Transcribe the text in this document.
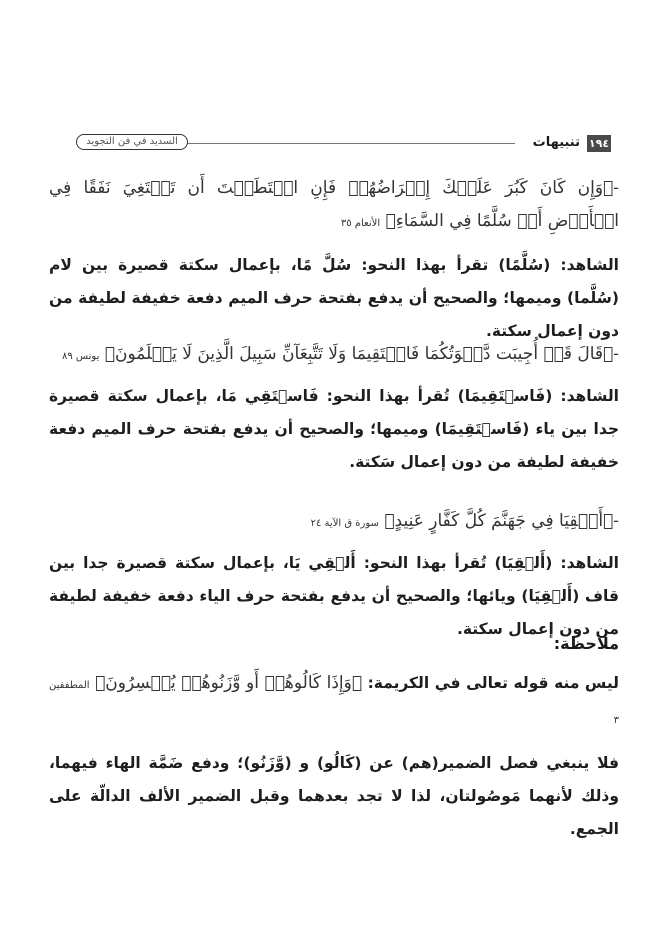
١٩٤
تنبيهات
السديد في فن التجويد
-﴿وَإِن كَانَ كَبُرَ عَلَيۡكَ إِعۡرَاضُهُمۡ فَإِنِ اسۡتَطَعۡتَ أَن تَبۡتَغِيَ نَفَقًا فِي الۡأَرۡضِ أَوۡ سُلَّمًا فِي السَّمَاءِ﴾ الأنعام ٣٥
الشاهد: (سُلَّمًا) تقرأ بهذا النحو: سُلَّ مًا، بإعمال سكتة قصيرة بين لام (سُلَّما) وميمها؛ والصحيح أن يدفع بفتحة حرف الميم دفعة خفيفة لطيفة من دون إعمال سكتة.
-﴿قَالَ قَدۡ أُجِيبَت دَّعۡوَتُكُمَا فَاسۡتَقِيمَا وَلَا تَتَّبِعَآنِّ سَبِيلَ الَّذِينَ لَا يَعۡلَمُونَ﴾ يونس ٨٩
الشاهد: (فَاسۡتَقِيمَا) تُقرأ بهذا النحو: فَاسۡتَقِي مَا، بإعمال سكتة قصيرة جدا بين ياء (فَاسۡتَقِيمَا) وميمها؛ والصحيح أن يدفع بفتحة حرف الميم دفعة خفيفة لطيفة من دون إعمال سَكتة.
-﴿أَلۡقِيَا فِي جَهَنَّمَ كُلَّ كَفَّارٍ عَنِيدٍ﴾ سورة ق الآية ٢٤
الشاهد: (أَلۡقِيَا) تُقرأ بهذا النحو: أَلۡقِي يَا، بإعمال سكتة قصيرة جدا بين قاف (أَلۡقِيَا) ويائها؛ والصحيح أن يدفع بفتحة حرف الياء دفعة خفيفة لطيفة من دون إعمال سكتة.
ملاحظة:
ليس منه قوله تعالى في الكريمة: ﴿وَإِذَا كَالُوهُمۡ أَو وَّزَنُوهُمۡ يُخۡسِرُونَ﴾ المطففين ٣
فلا ينبغي فصل الضمير(هم) عن (كَالُو) و (وَّزَنُو)؛ ودفع ضَمَّة الهاء فيهما، وذلك لأنهما مَوصُولتان، لذا لا تجد بعدهما وقبل الضمير الألف الدالّة على الجمع.
